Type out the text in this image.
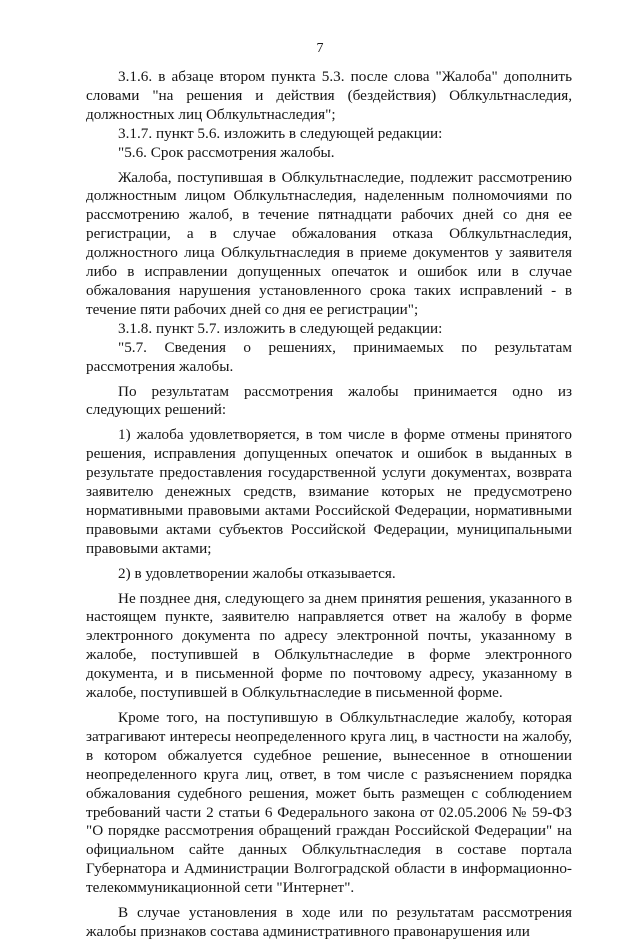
7

3.1.6. в абзаце втором пункта 5.3. после слова "Жалоба" дополнить словами "на решения и действия (бездействия) Облкультнаследия, должностных лиц Облкультнаследия";

3.1.7. пункт 5.6. изложить в следующей редакции:

"5.6. Срок рассмотрения жалобы.

Жалоба, поступившая в Облкультнаследие, подлежит рассмотрению должностным лицом Облкультнаследия, наделенным полномочиями по рассмотрению жалоб, в течение пятнадцати рабочих дней со дня ее регистрации, а в случае обжалования отказа Облкультнаследия, должностного лица Облкультнаследия в приеме документов у заявителя либо в исправлении допущенных опечаток и ошибок или в случае обжалования нарушения установленного срока таких исправлений - в течение пяти рабочих дней со дня ее регистрации";

3.1.8. пункт 5.7. изложить в следующей редакции:

"5.7. Сведения о решениях, принимаемых по результатам рассмотрения жалобы.

По результатам рассмотрения жалобы принимается одно из следующих решений:

1) жалоба удовлетворяется, в том числе в форме отмены принятого решения, исправления допущенных опечаток и ошибок в выданных в результате предоставления государственной услуги документах, возврата заявителю денежных средств, взимание которых не предусмотрено нормативными правовыми актами Российской Федерации, нормативными правовыми актами субъектов Российской Федерации, муниципальными правовыми актами;

2) в удовлетворении жалобы отказывается.

Не позднее дня, следующего за днем принятия решения, указанного в настоящем пункте, заявителю направляется ответ на жалобу в форме электронного документа по адресу электронной почты, указанному в жалобе, поступившей в Облкультнаследие в форме электронного документа, и в письменной форме по почтовому адресу, указанному в жалобе, поступившей в Облкультнаследие в письменной форме.

Кроме того, на поступившую в Облкультнаследие жалобу, которая затрагивают интересы неопределенного круга лиц, в частности на жалобу, в котором обжалуется судебное решение, вынесенное в отношении неопределенного круга лиц, ответ, в том числе с разъяснением порядка обжалования судебного решения, может быть размещен с соблюдением требований части 2 статьи 6 Федерального закона от 02.05.2006 № 59-ФЗ "О порядке рассмотрения обращений граждан Российской Федерации" на официальном сайте данных Облкультнаследия в составе портала Губернатора и Администрации Волгоградской области в информационно-телекоммуникационной сети "Интернет".

В случае установления в ходе или по результатам рассмотрения жалобы признаков состава административного правонарушения или
